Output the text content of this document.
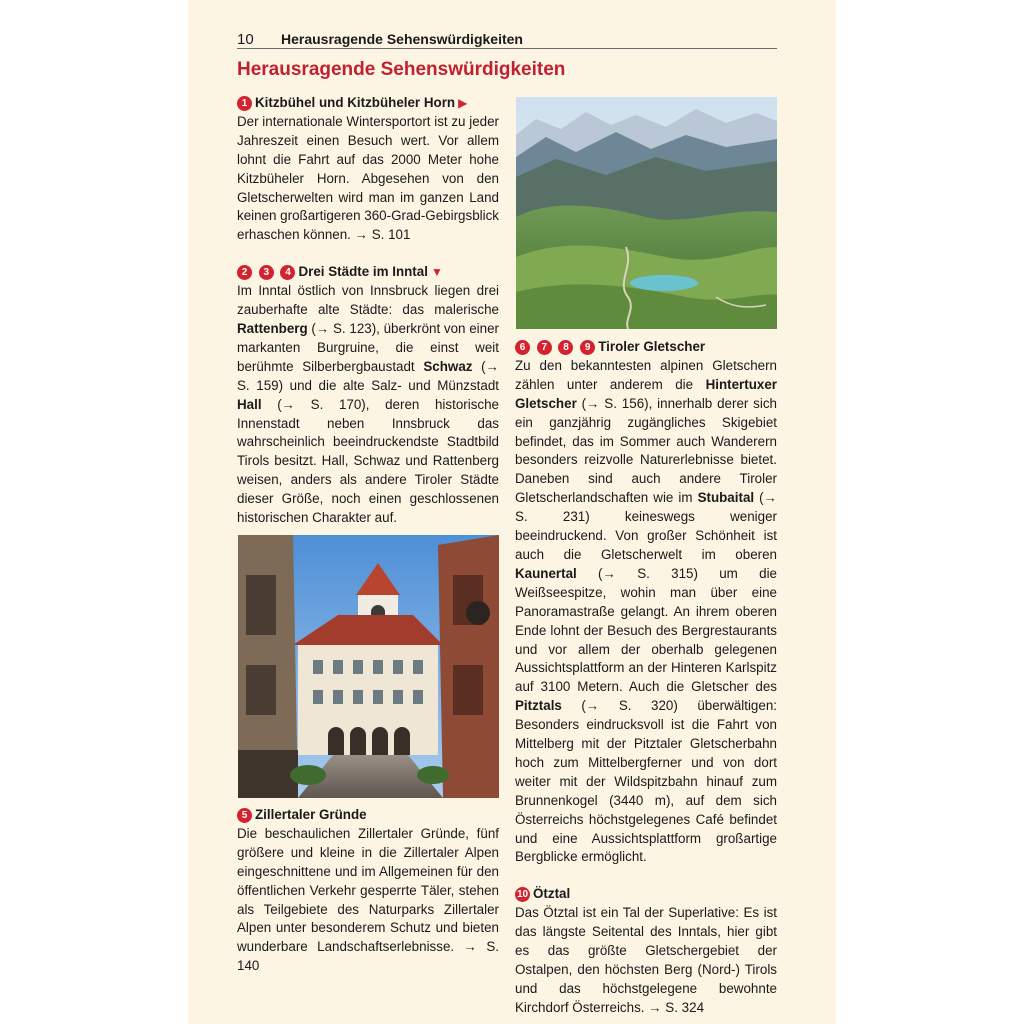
10 Herausragende Sehenswürdigkeiten
Herausragende Sehenswürdigkeiten

1 Kitzbühel und Kitzbüheler Horn ▶

Der internationale Wintersportort ist zu jeder Jahreszeit einen Besuch wert. Vor allem lohnt die Fahrt auf das 2000 Meter hohe Kitzbüheler Horn. Abgesehen von den Gletscherwelten wird man im ganzen Land keinen großartigeren 360-Grad-Gebirgsblick erhaschen können. → S. 101

2 3 4 Drei Städte im Inntal ▼

Im Inntal östlich von Innsbruck liegen drei zauberhafte alte Städte: das malerische Rattenberg (→ S. 123), überkrönt von einer markanten Burgruine, die einst weit berühmte Silberbergbaustadt Schwaz (→ S. 159) und die alte Salz- und Münzstadt Hall (→ S. 170), deren historische Innenstadt neben Innsbruck das wahrscheinlich beeindruckendste Stadtbild Tirols besitzt. Hall, Schwaz und Rattenberg weisen, anders als andere Tiroler Städte dieser Größe, noch einen geschlossenen historischen Charakter auf.

5 Zillertaler Gründe

Die beschaulichen Zillertaler Gründe, fünf größere und kleine in die Zillertaler Alpen eingeschnittene und im Allgemeinen für den öffentlichen Verkehr gesperrte Täler, stehen als Teilgebiete des Naturparks Zillertaler Alpen unter besonderem Schutz und bieten wunderbare Landschaftserlebnisse. → S. 140

6 7 8 9 Tiroler Gletscher

Zu den bekanntesten alpinen Gletschern zählen unter anderem die Hintertuxer Gletscher (→ S. 156), innerhalb derer sich ein ganzjährig zugängliches Skigebiet befindet, das im Sommer auch Wanderern besonders reizvolle Naturerlebnisse bietet. Daneben sind auch andere Tiroler Gletscherlandschaften wie im Stubaital (→ S. 231) keineswegs weniger beeindruckend. Von großer Schönheit ist auch die Gletscherwelt im oberen Kaunertal (→ S. 315) um die Weißseespitze, wohin man über eine Panoramastraße gelangt. An ihrem oberen Ende lohnt der Besuch des Bergrestaurants und vor allem der oberhalb gelegenen Aussichtsplattform an der Hinteren Karlspitz auf 3100 Metern. Auch die Gletscher des Pitztals (→ S. 320) überwältigen: Besonders eindrucksvoll ist die Fahrt von Mittelberg mit der Pitztaler Gletscherbahn hoch zum Mittelbergferner und von dort weiter mit der Wildspitzbahn hinauf zum Brunnenkogel (3440 m), auf dem sich Österreichs höchstgelegenes Café befindet und eine Aussichtsplattform großartige Bergblicke ermöglicht.

10 Ötztal

Das Ötztal ist ein Tal der Superlative: Es ist das längste Seitental des Inntals, hier gibt es das größte Gletschergebiet der Ostalpen, den höchsten Berg (Nord-) Tirols und das höchstgelegene bewohnte Kirchdorf Österreichs. → S. 324
